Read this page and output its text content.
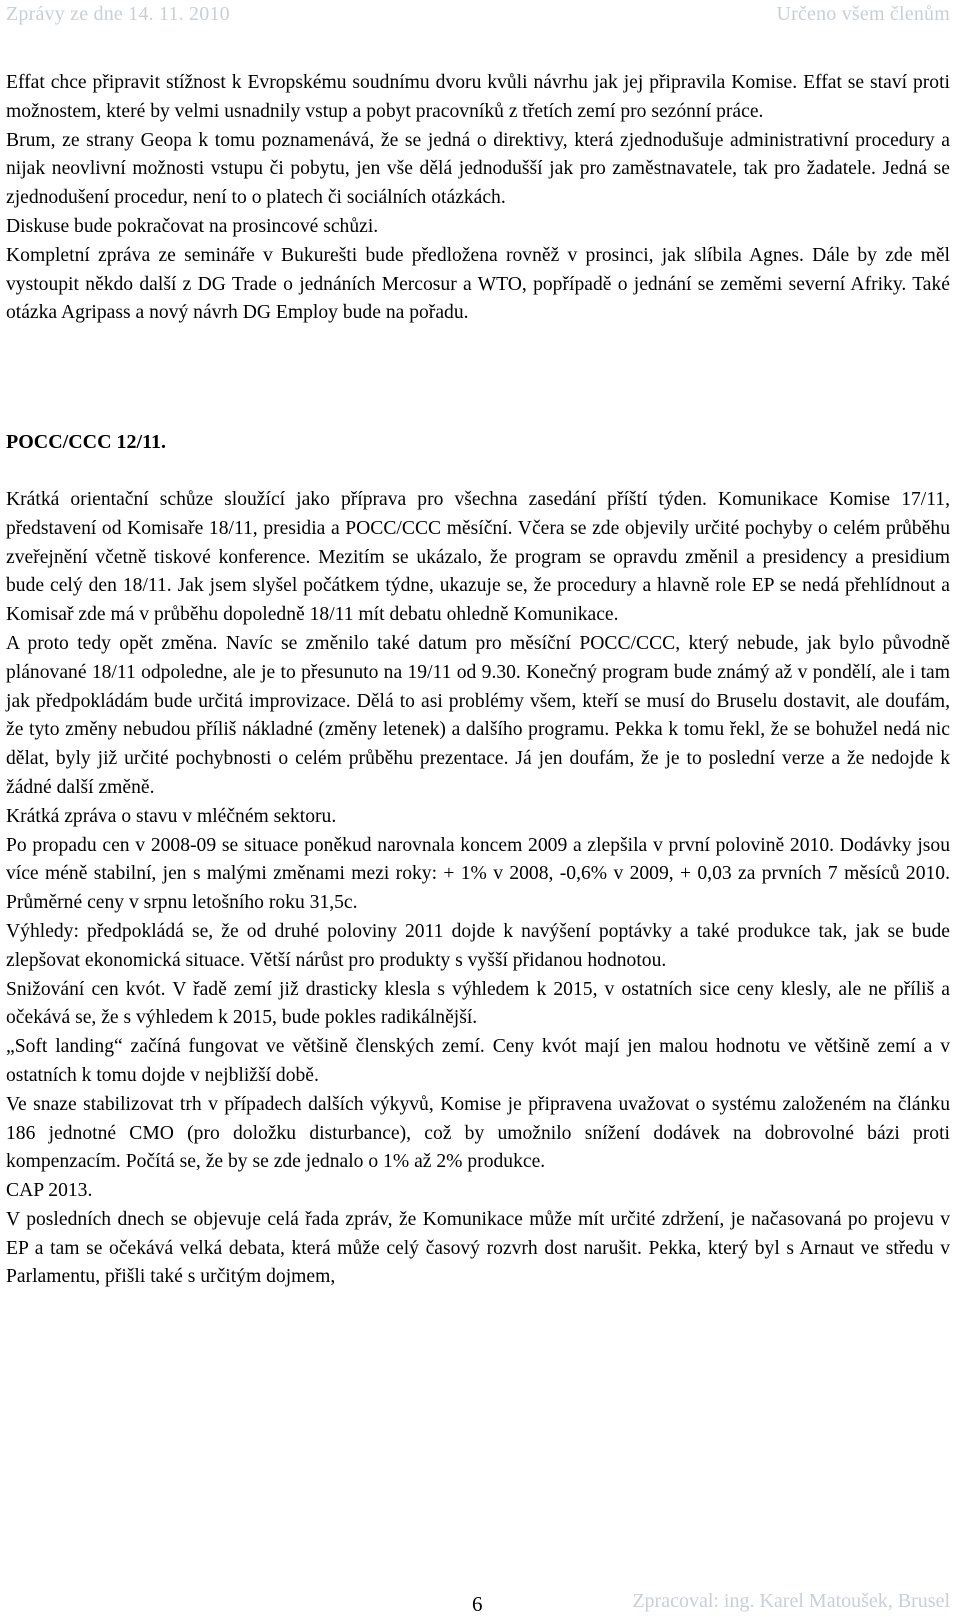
Zprávy ze dne 14. 11. 2010	Určeno všem členům

Effat chce připravit stížnost k Evropskému soudnímu dvoru kvůli návrhu jak jej připravila Komise. Effat se staví proti možnostem, které by velmi usnadnily vstup a pobyt pracovníků z třetích zemí pro sezónní práce.

Brum, ze strany Geopa k tomu poznamenává, že se jedná o direktivy, která zjednodušuje administrativní procedury a nijak neovlivní možnosti vstupu či pobytu, jen vše dělá jednodušší jak pro zaměstnavatele, tak pro žadatele. Jedná se zjednodušení procedur, není to o platech či sociálních otázkách.

Diskuse bude pokračovat na prosincové schůzi.

Kompletní zpráva ze semináře v Bukurešti bude předložena rovněž v prosinci, jak slíbila Agnes. Dále by zde měl vystoupit někdo další z DG Trade o jednáních Mercosur a WTO, popřípadě o jednání se zeměmi severní Afriky. Také otázka Agripass a nový návrh DG Employ bude na pořadu.

POCC/CCC 12/11.

Krátká orientační schůze sloužící jako příprava pro všechna zasedání příští týden. Komunikace Komise 17/11, představení od Komisaře 18/11, presidia a POCC/CCC měsíční. Včera se zde objevily určité pochyby o celém průběhu zveřejnění včetně tiskové konference. Mezitím se ukázalo, že program se opravdu změnil a presidency a presidium bude celý den 18/11. Jak jsem slyšel počátkem týdne, ukazuje se, že procedury a hlavně role EP se nedá přehlídnout a Komisař zde má v průběhu dopoledně 18/11 mít debatu ohledně Komunikace.

A proto tedy opět změna. Navíc se změnilo také datum pro měsíční POCC/CCC, který nebude, jak bylo původně plánované 18/11 odpoledne, ale je to přesunuto na 19/11 od 9.30. Konečný program bude známý až v pondělí, ale i tam jak předpokládám bude určitá improvizace. Dělá to asi problémy všem, kteří se musí do Bruselu dostavit, ale doufám, že tyto změny nebudou příliš nákladné (změny letenek) a dalšího programu. Pekka k tomu řekl, že se bohužel nedá nic dělat, byly již určité pochybnosti o celém průběhu prezentace. Já jen doufám, že je to poslední verze a že nedojde k žádné další změně.

Krátká zpráva o stavu v mléčném sektoru.

Po propadu cen v 2008-09 se situace poněkud narovnala koncem 2009 a zlepšila v první polovině 2010. Dodávky jsou více méně stabilní, jen s malými změnami mezi roky: + 1% v 2008, -0,6% v 2009, + 0,03 za prvních 7 měsíců 2010. Průměrné ceny v srpnu letošního roku 31,5c.

Výhledy: předpokládá se, že od druhé poloviny 2011 dojde k navýšení poptávky a také produkce tak, jak se bude zlepšovat ekonomická situace. Větší nárůst pro produkty s vyšší přidanou hodnotou.

Snižování cen kvót. V řadě zemí již drasticky klesla s výhledem k 2015, v ostatních sice ceny klesly, ale ne příliš a očekává se, že s výhledem k 2015, bude pokles radikálnější.

„Soft landing“ začíná fungovat ve většině členských zemí. Ceny kvót mají jen malou hodnotu ve většině zemí a v ostatních k tomu dojde v nejbližší době.

Ve snaze stabilizovat trh v případech dalších výkyvů, Komise je připravena uvažovat o systému založeném na článku 186 jednotné CMO (pro doložku disturbance), což by umožnilo snížení dodávek na dobrovolné bázi proti kompenzacím. Počítá se, že by se zde jednalo o 1% až 2% produkce.

CAP 2013.

V posledních dnech se objevuje celá řada zpráv, že Komunikace může mít určité zdržení, je načasovaná po projevu v EP a tam se očekává velká debata, která může celý časový rozvrh dost narušit. Pekka, který byl s Arnaut ve středu v Parlamentu, přišli také s určitým dojmem,

6	Zpracoval: ing. Karel Matoušek, Brusel
